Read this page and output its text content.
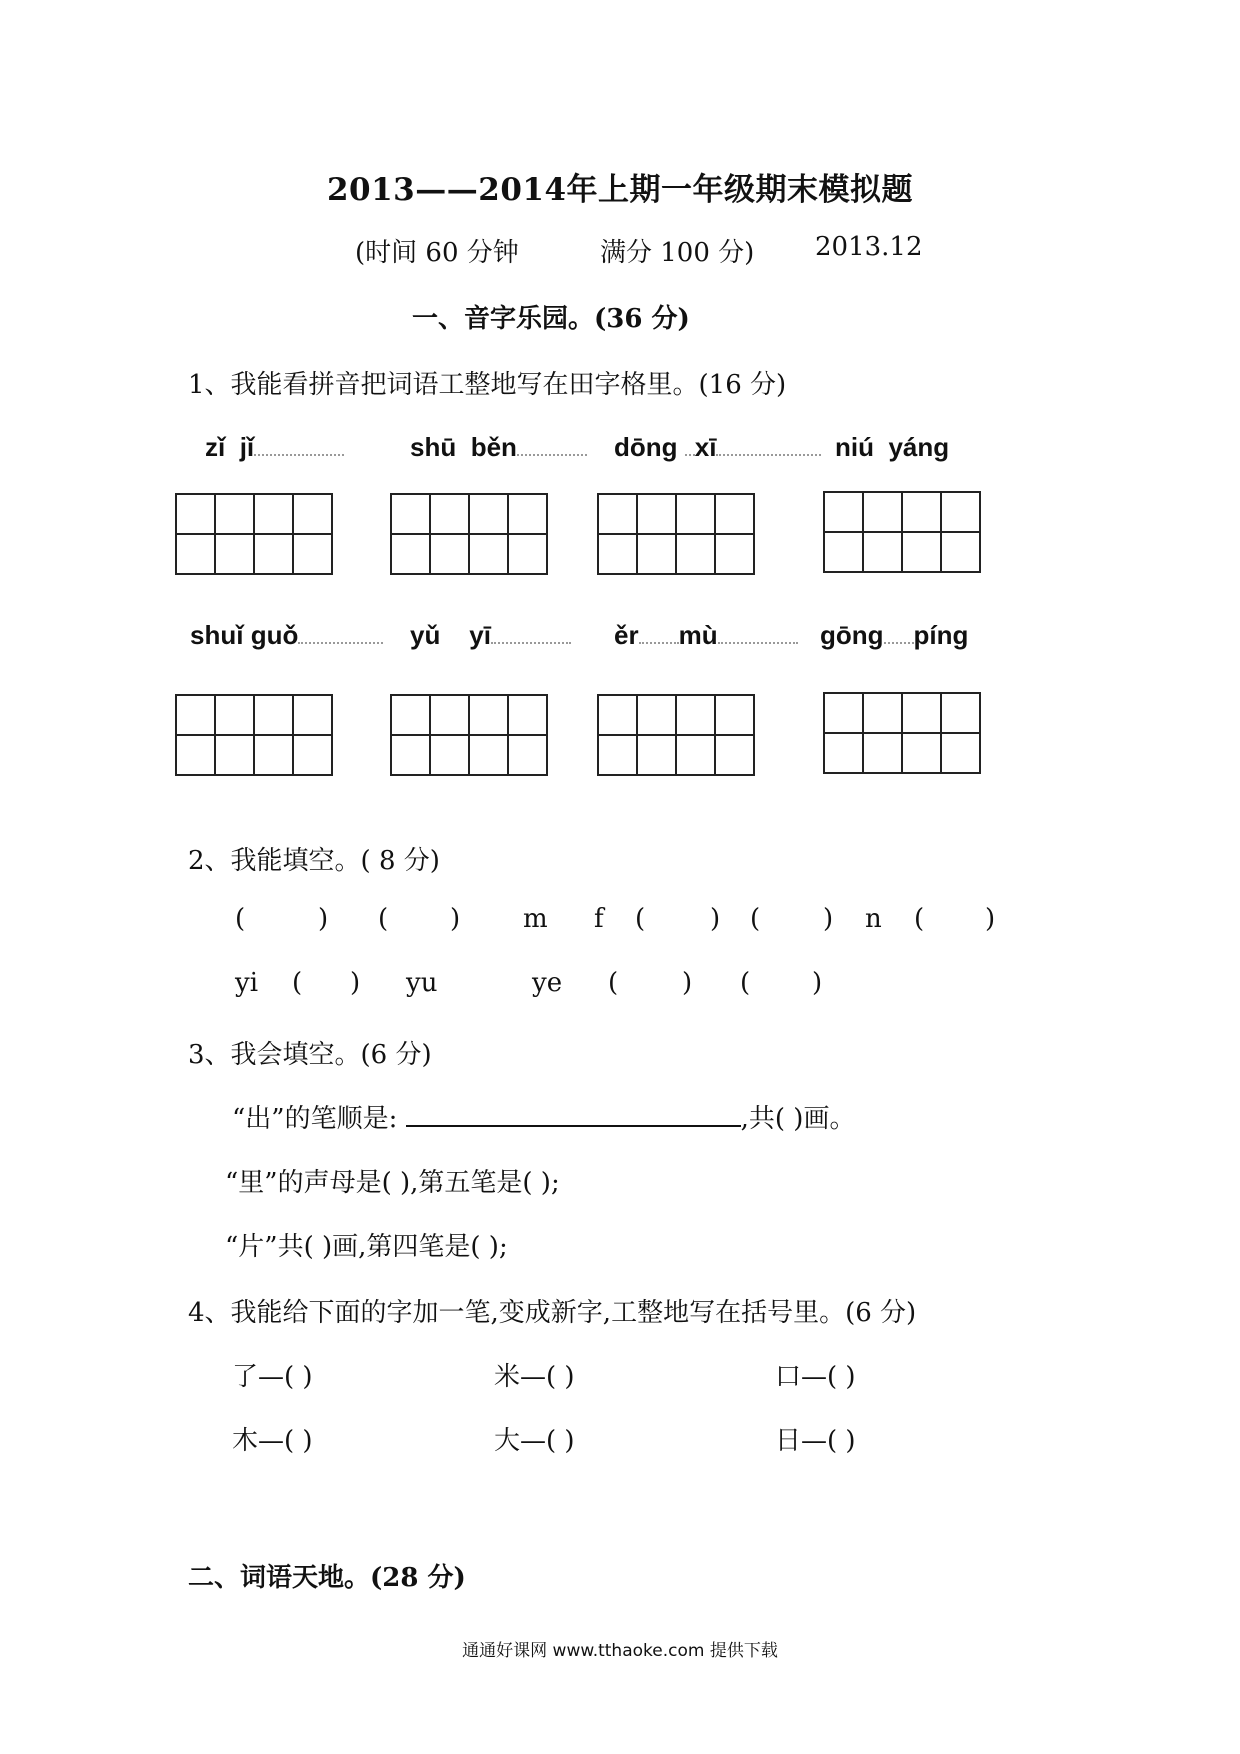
2013——2014年上期一年级期末模拟题
(时间 60 分钟	满分 100 分) 2013.12
一、音字乐园。(36 分)
1、我能看拼音把词语工整地写在田字格里。(16 分)
zǐ jǐ	shū běn	dōng xī	niú yáng
shuǐ guǒ	yǔ yī	ěr mù	gōng píng
2、我能填空。( 8 分)
(	) ( ) m f ( ) ( ) n ( )
yi ( ) yu	ye ( ) ( )
3、我会填空。(6 分)
“出”的笔顺是:	,共( )画。
“里”的声母是( ),第五笔是( );
“片”共( )画,第四笔是( );
4、我能给下面的字加一笔,变成新字,工整地写在括号里。(6 分)
了—( )	米—( )	口—( )
木—( )	大—( )	日—( )
二、词语天地。(28 分)
通通好课网 www.tthaoke.com 提供下载
